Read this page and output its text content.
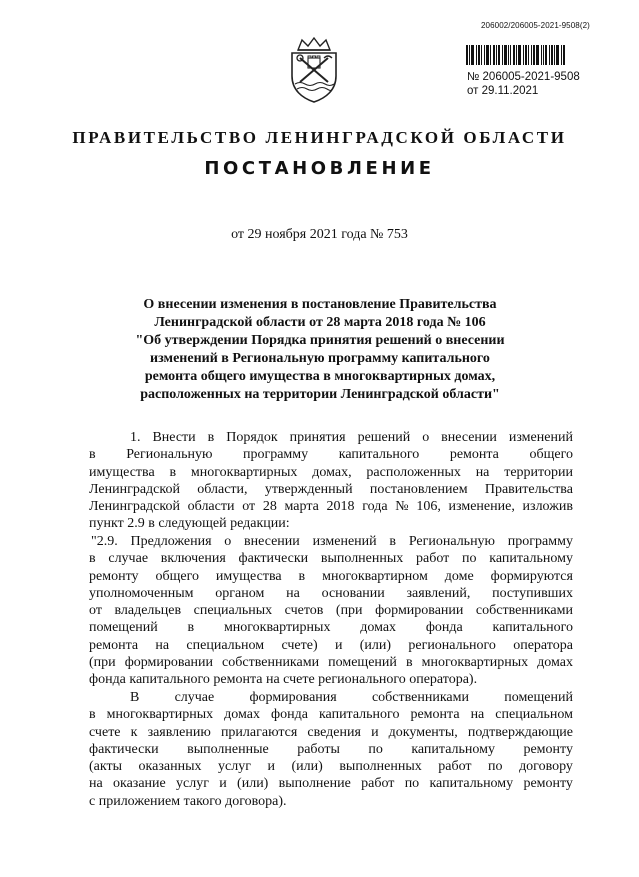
206002/206005-2021-9508(2)
№ 206005-2021-9508
от 29.11.2021
ПРАВИТЕЛЬСТВО ЛЕНИНГРАДСКОЙ ОБЛАСТИ
ПОСТАНОВЛЕНИЕ
от 29 ноября 2021 года № 753
О внесении изменения в постановление Правительства
Ленинградской области от 28 марта 2018 года № 106
"Об утверждении Порядка принятия решений о внесении
изменений в Региональную программу капитального
ремонта общего имущества в многоквартирных домах,
расположенных на территории Ленинградской области"
1. Внести в Порядок принятия решений о внесении изменений
в Региональную программу капитального ремонта общего
имущества в многоквартирных домах, расположенных на территории
Ленинградской области, утвержденный постановлением Правительства
Ленинградской области от 28 марта 2018 года № 106, изменение, изложив
пункт 2.9 в следующей редакции:
"2.9. Предложения о внесении изменений в Региональную программу
в случае включения фактически выполненных работ по капитальному
ремонту общего имущества в многоквартирном доме формируются
уполномоченным органом на основании заявлений, поступивших
от владельцев специальных счетов (при формировании собственниками
помещений в многоквартирных домах фонда капитального
ремонта на специальном счете) и (или) регионального оператора
(при формировании собственниками помещений в многоквартирных домах
фонда капитального ремонта на счете регионального оператора).
В	случае	формирования	собственниками	помещений
в многоквартирных домах фонда капитального ремонта на специальном
счете к заявлению прилагаются сведения и документы, подтверждающие
фактически выполненные работы по капитальному ремонту
(акты оказанных услуг и (или) выполненных работ по договору
на оказание услуг и (или) выполнение работ по капитальному ремонту
с приложением такого договора).
